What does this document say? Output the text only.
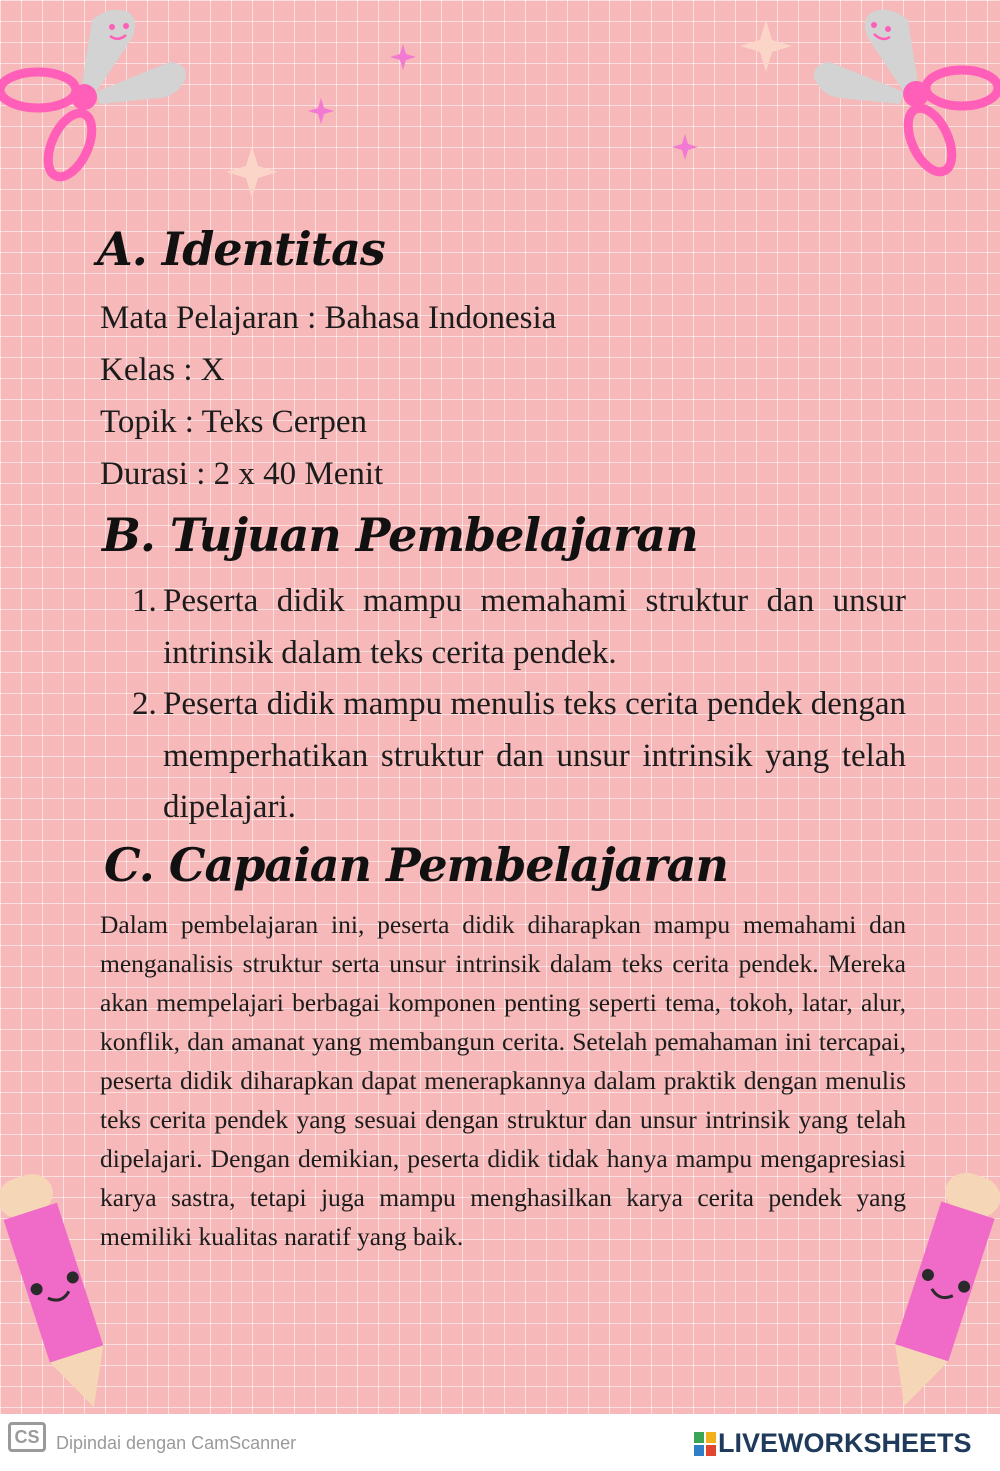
A. Identitas
Mata Pelajaran : Bahasa Indonesia
Kelas : X
Topik : Teks Cerpen
Durasi : 2 x 40 Menit
B. Tujuan Pembelajaran
1. Peserta didik mampu memahami struktur dan unsur intrinsik dalam teks cerita pendek.
2. Peserta didik mampu menulis teks cerita pendek dengan memperhatikan struktur dan unsur intrinsik yang telah dipelajari.
C. Capaian Pembelajaran

Dalam pembelajaran ini, peserta didik diharapkan mampu memahami dan menganalisis struktur serta unsur intrinsik dalam teks cerita pendek. Mereka akan mempelajari berbagai komponen penting seperti tema, tokoh, latar, alur, konflik, dan amanat yang membangun cerita. Setelah pemahaman ini tercapai, peserta didik diharapkan dapat menerapkannya dalam praktik dengan menulis teks cerita pendek yang sesuai dengan struktur dan unsur intrinsik yang telah dipelajari. Dengan demikian, peserta didik tidak hanya mampu mengapresiasi karya sastra, tetapi juga mampu menghasilkan karya cerita pendek yang memiliki kualitas naratif yang baik.

CS Dipindai dengan CamScanner	LIVEWORKSHEETS
